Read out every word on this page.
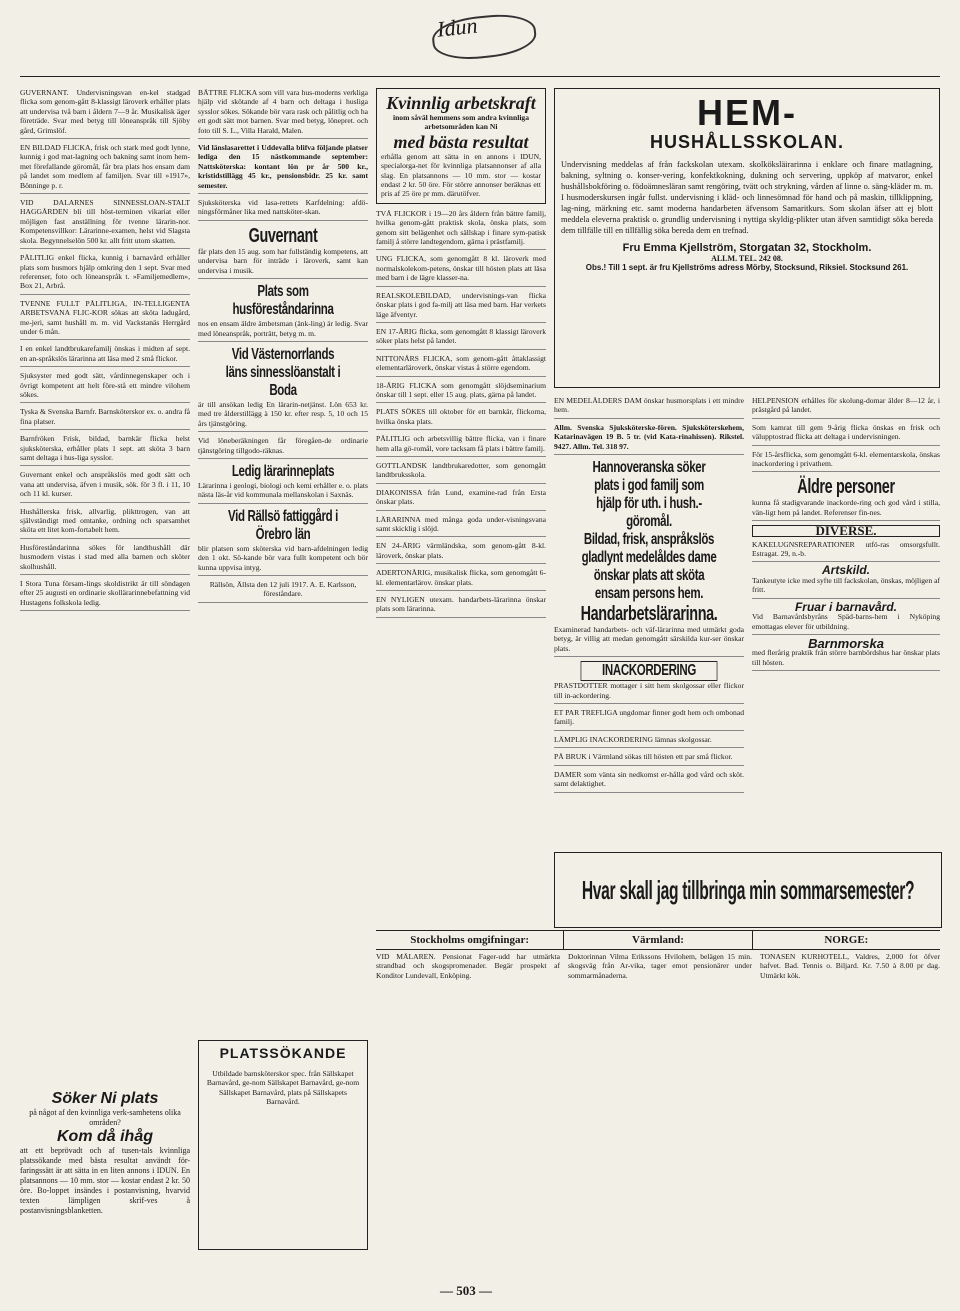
Idun
GUVERNANT. Undervisningsvan en-kel stadgad flicka som genom-gått 8-klassigt läroverk erhåller plats att undervisa två barn i åldern 7—9 år. Musikalisk äger företräde. Svar med betyg till löneanspråk till Sjöby gård, Grimslöf.
EN BILDAD FLICKA, frisk och stark med godt lynne, kunnig i god mat-lagning och bakning samt inom hem-met förefallande göromål, får bra plats hos ensam dam på landet som medlem af familjen. Svar till »1917», Bönninge p. r.
VID DALARNES SINNESSLOAN-STALT HAGGÅRDEN bli till höst-terminen vikariat eller möjligen fast anställning för tvenne lärarin-nor. Kompetensvillkor: Lärarinne-examen, helst vid Slagsta skola. Begynnelselön 500 kr. allt fritt utom skatten.
PÅLITLIG enkel flicka, kunnig i barnavård erhåller plats som husmors hjälp omkring den 1 sept. Svar med referenser, foto och löneanspråk t. »Familjemedlem», Box 21, Arbrå.
TVENNE FULLT PÅLITLIGA, IN-TELLIGENTA ARBETSVANA FLIC-KOR sökas att sköta ladugård, me-jeri, samt hushåll m. m. vid Vackstanäs Herrgård under 6 mån.
I en enkel landtbrukarefamilj önskas i midten af sept. en an-språkslös lärarinna att läsa med 2 små flickor.
Sjuksyster med godt sätt, vårdinnegenskaper och i övrigt kompetent att helt före-stå ett mindre vilohem sökes.
Tyska & Svenska Barnfr. Barnsköterskor ex. o. andra få fina platser.
Barnfröken Frisk, bildad, barnkär flicka helst sjuksköterska, erhåller plats 1 sept. att sköta 3 barn samt deltaga i hus-liga sysslor.
Guvernant enkel och anspråkslös med godt sätt och vana att undervisa, äfven i musik, sök. för 3 fl. i 11, 10 och 11 kl. kurser.
Hushållerska frisk, allvarlig, plikttrogen, van att självständigt med omtanke, ordning och sparsamhet sköta ett litet kom-fortabelt hem.
Husföreståndarinna sökes för landthushåll där husmodern vistas i stad med alla barnen och sköter skolhushåll.
I Stora Tuna försam-lings skoldistrikt är till söndagen efter 25 augusti en ordinarie skollärarinnebefattning vid Hustagens folkskola ledig.
Söker Ni plats
på något af den kvinnliga verk-samhetens olika områden?
Kom då ihåg
att ett beprövadt och af tusen-tals kvinnliga platssökande med bästa resultat användt för-faringssätt är att sätta in en liten annons i IDUN. En platsannons — 10 mm. stor — kostar endast 2 kr. 50 öre. Bo-loppet insändes i postanvisning, hvarvid texten lämpligen skrif-ves å postanvisningsblanketten.
BÄTTRE FLICKA som vill vara hus-moderns verkliga hjälp vid skötande af 4 barn och deltaga i husliga sysslor sökes. Sökande bör vara rask och pålitlig och ha ett godt sätt mot barnen. Svar med betyg, lönepret. och foto till S. L., Villa Harald, Malen.
Vid länslasarettet i Uddevalla blifva följande platser lediga den 15 nästkommande september: Nattsköterska: kontant lön pr år 500 kr., kristidstillägg 45 kr., pensionsbidr. 25 kr. samt semester.
Sjuksköterska vid lasa-rettets Karfdelning: afdö-ningsförmåner lika med nattsköter-skan.
Guvernant
får plats den 15 aug. som har fullständig kompetens, att undervisa barn för inträde i läroverk, samt kan undervisa i musik.
Plats som husföreståndarinna
nos en ensam äldre ämbetsman (änk-ling) är ledig. Svar med löneanspråk, porträtt, betyg m. m.
Vid Västernorrlands läns sinnesslöanstalt i Boda
är till ansökan ledig En lärarin-netjänst. Lön 653 kr. med tre ålderstillägg à 150 kr. efter resp. 5, 10 och 15 års tjänstgöring.
Vid löneberäkningen får föregåen-de ordinarie tjänstgöring tillgodo-räknas.
Ledig lärarinneplats
Lärarinna i geologi, biologi och kemi erhåller e. o. plats nästa läs-år vid kommunala mellanskolan i Saxnäs.
Vid Rällsö fattiggård i Örebro län
blir platsen som sköterska vid barn-afdelningen ledig den 1 okt. Sö-kande bör vara fullt kompetent och bör kunna uppvisa intyg.
Rällsön, Ällsta den 12 juli 1917. A. E. Karlsson, föreståndare.
PLATSSÖKANDE
Utbildade barnsköterskor spec. från Sällskapet Barnavård, ge-nom Sällskapet Barnavård, ge-nom Sällskapet Barnavård, plats på Sällskapets Barnavård.
Kvinnlig arbetskraft
inom såväl hemmens som andra kvinnliga arbetsområden kan Ni
med bästa resultat
erhålla genom att sätta in en annons i IDUN, specialorga-net för kvinnliga platsannonser af alla slag. En platsannons — 10 mm. stor — kostar endast 2 kr. 50 öre. För större annonser beräknas ett pris af 25 öre pr mm. därutöfver.
TVÅ FLICKOR i 19—20 års åldern från bättre familj, hvilka genom-gått praktisk skola, önska plats, som genom sitt belägenhet och sällskap i finare sym-patisk familj å större landtegendom, gärna i prästfamilj.
UNG FLICKA, som genomgått 8 kl. läroverk med normalskolekom-petens, önskar till hösten plats att läsa med barn i de lägre klasser-na.
REALSKOLEBILDAD, undervisnings-van flicka önskar plats i god fa-milj att läsa med barn. Har verkets läge äfventyr.
EN 17-ÅRIG flicka, som genomgått 8 klassigt läroverk söker plats helst på landet.
NITTONÅRS FLICKA, som genom-gått åttaklassigt elementarläroverk, önskar vistas å större egendom.
18-ÅRIG FLICKA som genomgått slöjdseminarium önskar till 1 sept. eller 15 aug. plats, gärna på landet.
PLATS SÖKES till oktober för ett barnkär, flickorna, hvilka önska plats.
PÅLITLIG och arbetsvillig bättre flicka, van i finare hem alla gö-romål, vore tacksam få plats i bättre familj.
GOTTLANDSK landtbrukaredotter, som genomgått landtbruksskola.
DIAKONISSA från Lund, examine-rad från Ersta önskar plats.
LÄRARINNA med många goda under-visningsvana samt skicklig i slöjd.
EN 24-ÅRIG värmländska, som genom-gått 8-kl. läroverk, önskar plats.
ADERTONÅRIG, musikalisk flicka, som genomgått 6-kl. elementarlärov. önskar plats.
EN NYLIGEN utexam. handarbets-lärarinna önskar plats som lärarinna.
HEM-
HUSHÅLLSSKOLAN.
Undervisning meddelas af från fackskolan utexam. skolköksläirarinna i enklare och finare matlagning, bakning, syltning o. konser-vering, konfektkokning, dukning och servering, uppköp af matvaror, enkel hushållsbokföring o. födoämnesläran samt rengöring, tvätt och strykning, vården af linne o. säng-kläder m. m. I husmoderskursen ingår fullst. undervisning i kläd- och linnesömnad för hand och på maskin, tillklippning, lag-ning, märkning etc. samt moderna handarbeten äfvensom Samaritkurs. Som skolan äfser att ej blott meddela eleverna praktisk o. grundlig undervisning i nyttiga skyldig-plikter utan äfven samtidigt söka bereda dem tillfälle till en tillfällig söka bereda dem en trefnad.
Fru Emma Kjellström, Storgatan 32, Stockholm.
ALLM. TEL. 242 08.
Obs.! Till 1 sept. är fru Kjellströms adress Mörby, Stocksund, Riksiel. Stocksund 261.
EN MEDELÅLDERS DAM önskar husmorsplats i ett mindre hem.
Allm. Svenska Sjuksköterske-fören. Sjuksköterskehem, Katarinavägen 19 B. 5 tr. (vid Kata-rinahissen). Rikstel. 9427. Allm. Tel. 318 97.
Hannoveranska söker plats i god familj som hjälp för uth. i hush.-göromål.
Bildad, frisk, anspråkslös gladlynt medelåldes dame önskar plats att sköta ensam persons hem.
Handarbetslärarinna.
Examinerad handarbets- och väf-lärarinna med utmärkt goda betyg, är villig att medan genomgått särskilda kur-ser önskar plats.
INACKORDERING
PRASTDOTTER mottager i sitt hem skolgossar eller flickor till in-ackordering.
ET PAR TREFLIGA ungdomar finner godt hem och ombonad familj.
LÄMPLIG INACKORDERING lämnas skolgossar.
PÅ BRUK i Värmland sökas till hösten ett par små flickor.
DAMER som vänta sin nedkomst er-hålla god vård och sköt. samt delaktighet.
HELPENSION erhålles för skolung-domar älder 8—12 år, i prästgård på landet.
Som kamrat till gem 9-årig flicka önskas en frisk och välupptostrad flicka att deltaga i undervisningen.
För 15-årsflicka, som genomgått 6-kl. elementarskola, önskas inackordering i privathem.
Äldre personer
kunna få stadigvarande inackorde-ring och god vård i stilla, vän-ligt hem på landet. Referenser fin-nes.
DIVERSE.
KAKELUGNSREPARATIONER utfö-ras omsorgsfullt. Estragat. 29, n.-b.
Artskild.
Tankeutyte icke med syfte till fackskolan, önskas, möjligen af fritt.
Fruar i barnavård.
Vid Barnavårdsbyråns Späd-barns-hem i Nyköping emottagas elever för utbildning.
Barnmorska
med flerårig praktik från större barnbördshus har önskar plats till hösten.
Hvar skall jag tillbringa min sommarsemester?
Stockholms omgifningar:	Värmland:	NORGE:
VID MÄLAREN. Pensionat Fager-udd har utmärkta strandbad och skogspromenader. Begär prospekt af Konditor Lundevall, Enköping.
Doktorinnan Vilma Erikssons Hvilohem, belägen 15 min. skogsväg från Ar-vika, tager emot pensionärer under sommarmånaderna.
TONASEN KURHOTELL, Valdres, 2,000 fot öfver hafvet. Bad. Tennis o. Biljard. Kr. 7.50 à 8.00 pr dag. Utmärkt kök.
— 503 —
